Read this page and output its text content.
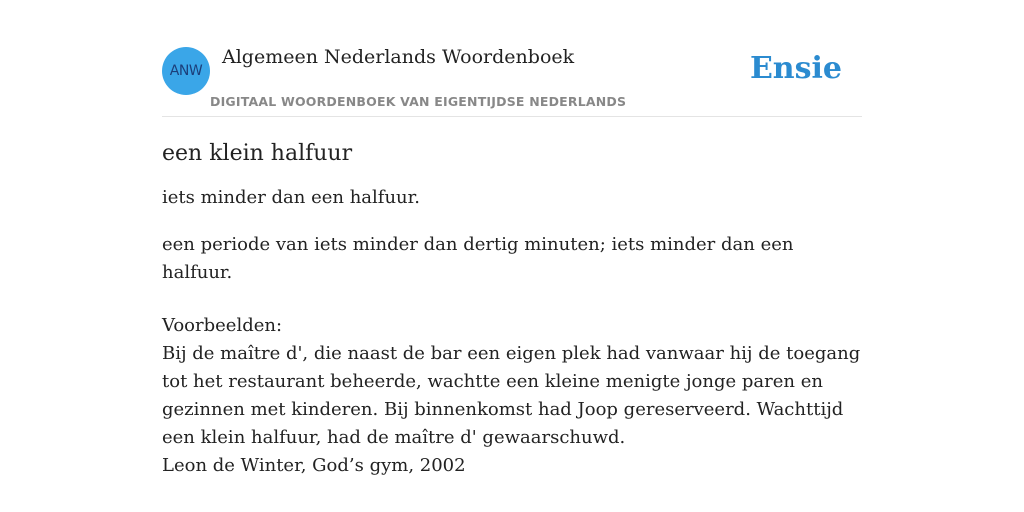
ANW
Algemeen Nederlands Woordenboek
DIGITAAL WOORDENBOEK VAN EIGENTIJDSE NEDERLANDS
Ensie
een klein halfuur

iets minder dan een halfuur.

een periode van iets minder dan dertig minuten; iets minder dan een halfuur.

Voorbeelden:
Bij de maître d', die naast de bar een eigen plek had vanwaar hij de toegang tot het restaurant beheerde, wachtte een kleine menigte jonge paren en gezinnen met kinderen. Bij binnenkomst had Joop gereserveerd. Wachttijd een klein halfuur, had de maître d' gewaarschuwd.
Leon de Winter, God’s gym, 2002
